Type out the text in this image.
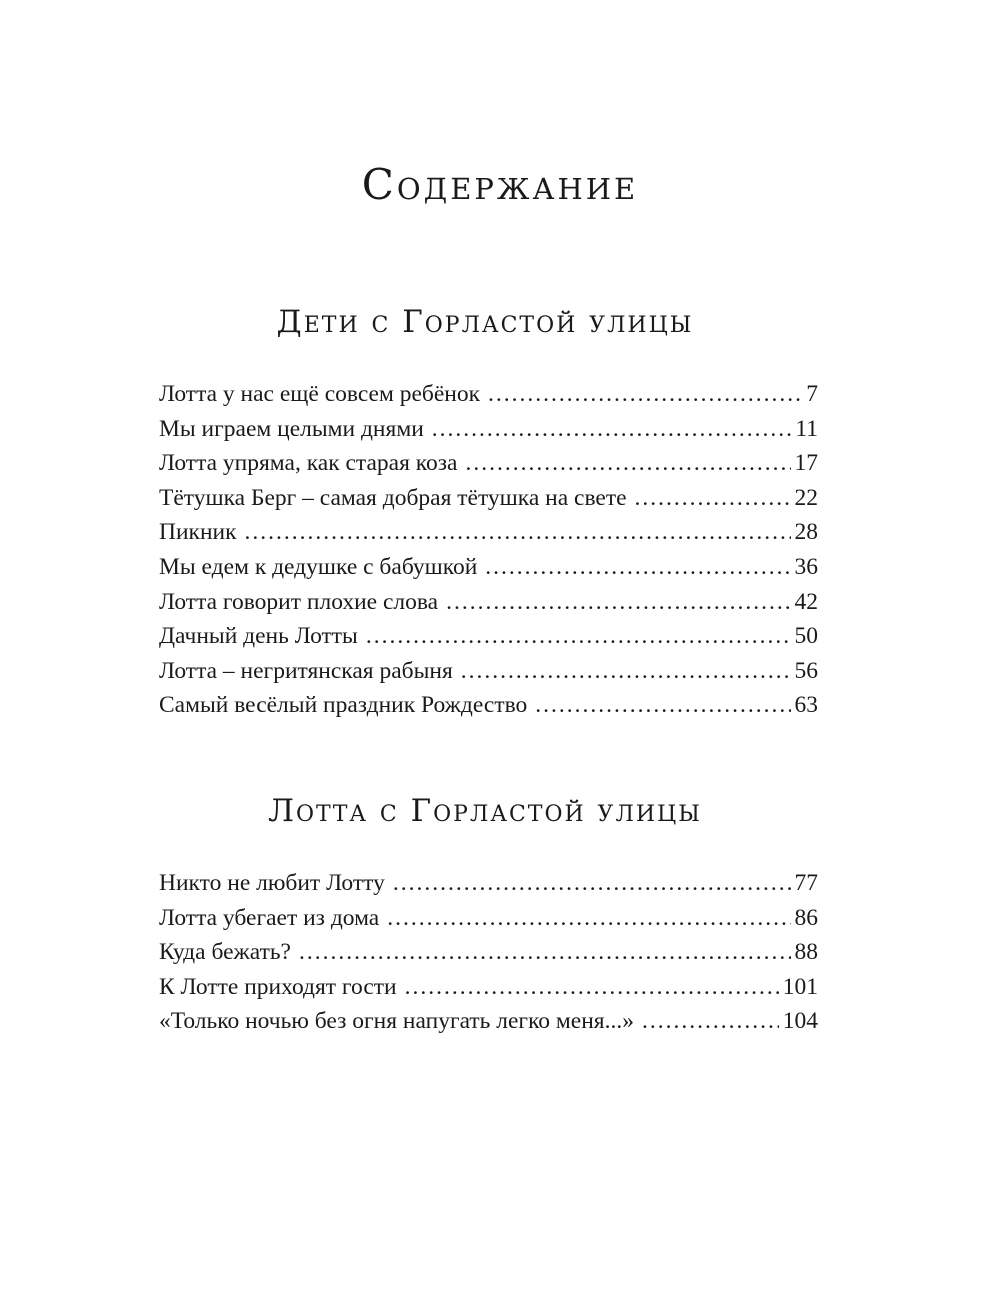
Содержание
Дети с Горластой улицы
Лотта у нас ещё совсем ребёнок .....	7
Мы играем целыми днями .....	11
Лотта упряма, как старая коза .....	17
Тётушка Берг – самая добрая тётушка на свете .....	22
Пикник .....	28
Мы едем к дедушке с бабушкой .....	36
Лотта говорит плохие слова .....	42
Дачный день Лотты .....	50
Лотта – негритянская рабыня .....	56
Самый весёлый праздник Рождество .....	63
Лотта с Горластой улицы
Никто не любит Лотту .....	77
Лотта убегает из дома .....	86
Куда бежать? .....	88
К Лотте приходят гости .....	101
«Только ночью без огня напугать легко меня...» .....	104
